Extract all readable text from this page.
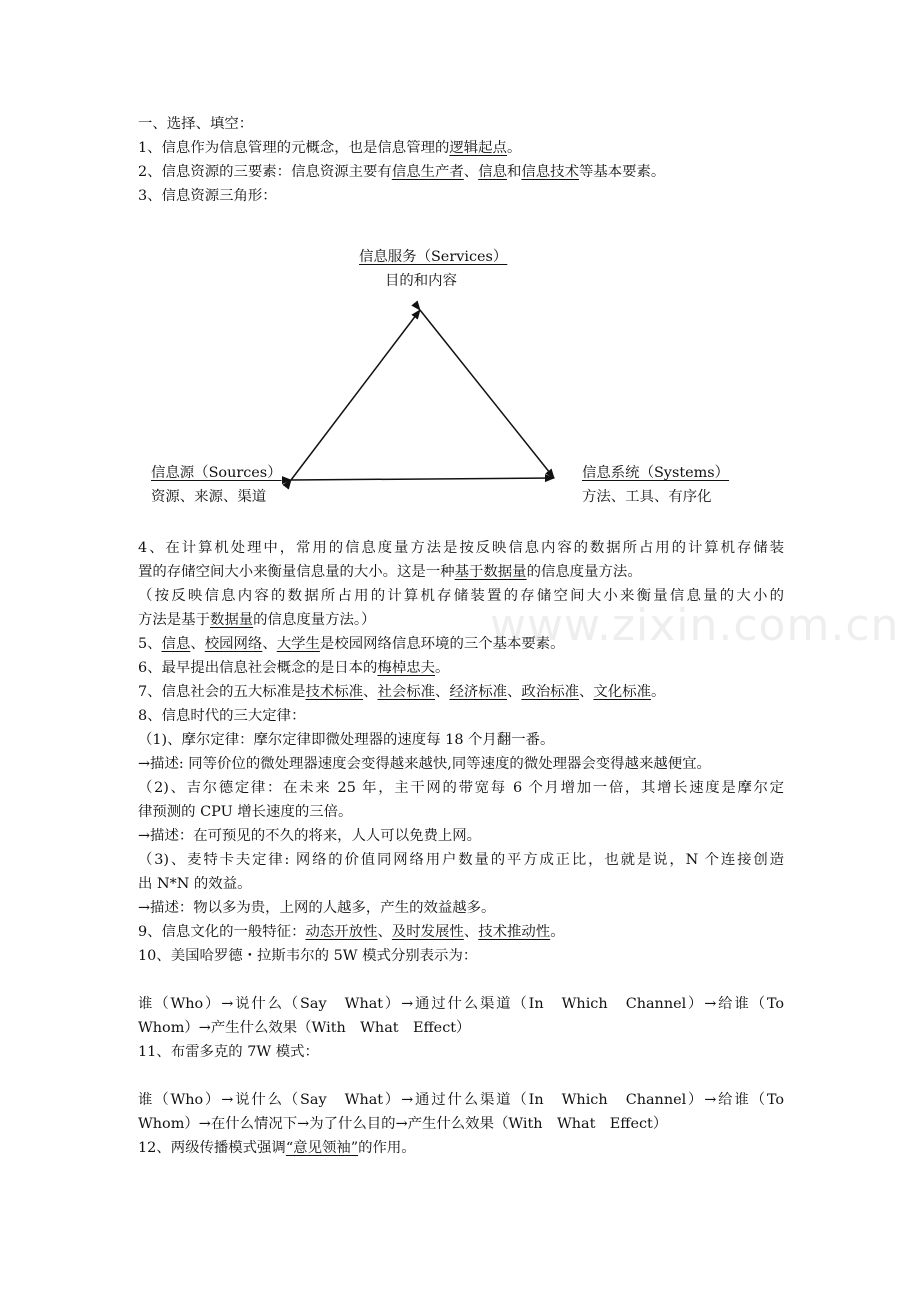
一、选择、填空：
1、信息作为信息管理的元概念，也是信息管理的逻辑起点。
2、信息资源的三要素：信息资源主要有信息生产者、信息和信息技术等基本要素。
3、信息资源三角形：
4、在计算机处理中，常用的信息度量方法是按反映信息内容的数据所占用的计算机存储装
置的存储空间大小来衡量信息量的大小。这是一种基于数据量的信息度量方法。
（按反映信息内容的数据所占用的计算机存储装置的存储空间大小来衡量信息量的大小的
方法是基于数据量的信息度量方法。）
5、信息、校园网络、大学生是校园网络信息环境的三个基本要素。
6、最早提出信息社会概念的是日本的梅棹忠夫。
7、信息社会的五大标准是技术标准、社会标准、经济标准、政治标准、文化标准。
8、信息时代的三大定律：
（1)、摩尔定律：摩尔定律即微处理器的速度每 18 个月翻一番。
→描述: 同等价位的微处理器速度会变得越来越快,同等速度的微处理器会变得越来越便宜。
（2)、吉尔德定律：在未来 25 年，主干网的带宽每 6 个月增加一倍，其增长速度是摩尔定
律预测的 CPU 增长速度的三倍。
→描述：在可预见的不久的将来，人人可以免费上网。
（3)、麦特卡夫定律: 网络的价值同网络用户数量的平方成正比，也就是说，N 个连接创造
出 N*N 的效益。
→描述：物以多为贵，上网的人越多，产生的效益越多。
9、信息文化的一般特征：动态开放性、及时发展性、技术推动性。
10、美国哈罗德・拉斯韦尔的 5W 模式分别表示为：
谁（Who）→说什么（Say　What）→通过什么渠道（In　Which　Channel）→给谁（To
Whom）→产生什么效果（With　What　Effect）
11、布雷多克的 7W 模式：
谁（Who）→说什么（Say　What）→通过什么渠道（In　Which　Channel）→给谁（To
Whom）→在什么情况下→为了什么目的→产生什么效果（With　What　Effect）
12、两级传播模式强调“意见领袖”的作用。
信息服务（Services）
目的和内容
信息源（Sources）
资源、来源、渠道
信息系统（Systems）
方法、工具、有序化
www.zixin.com.cn
